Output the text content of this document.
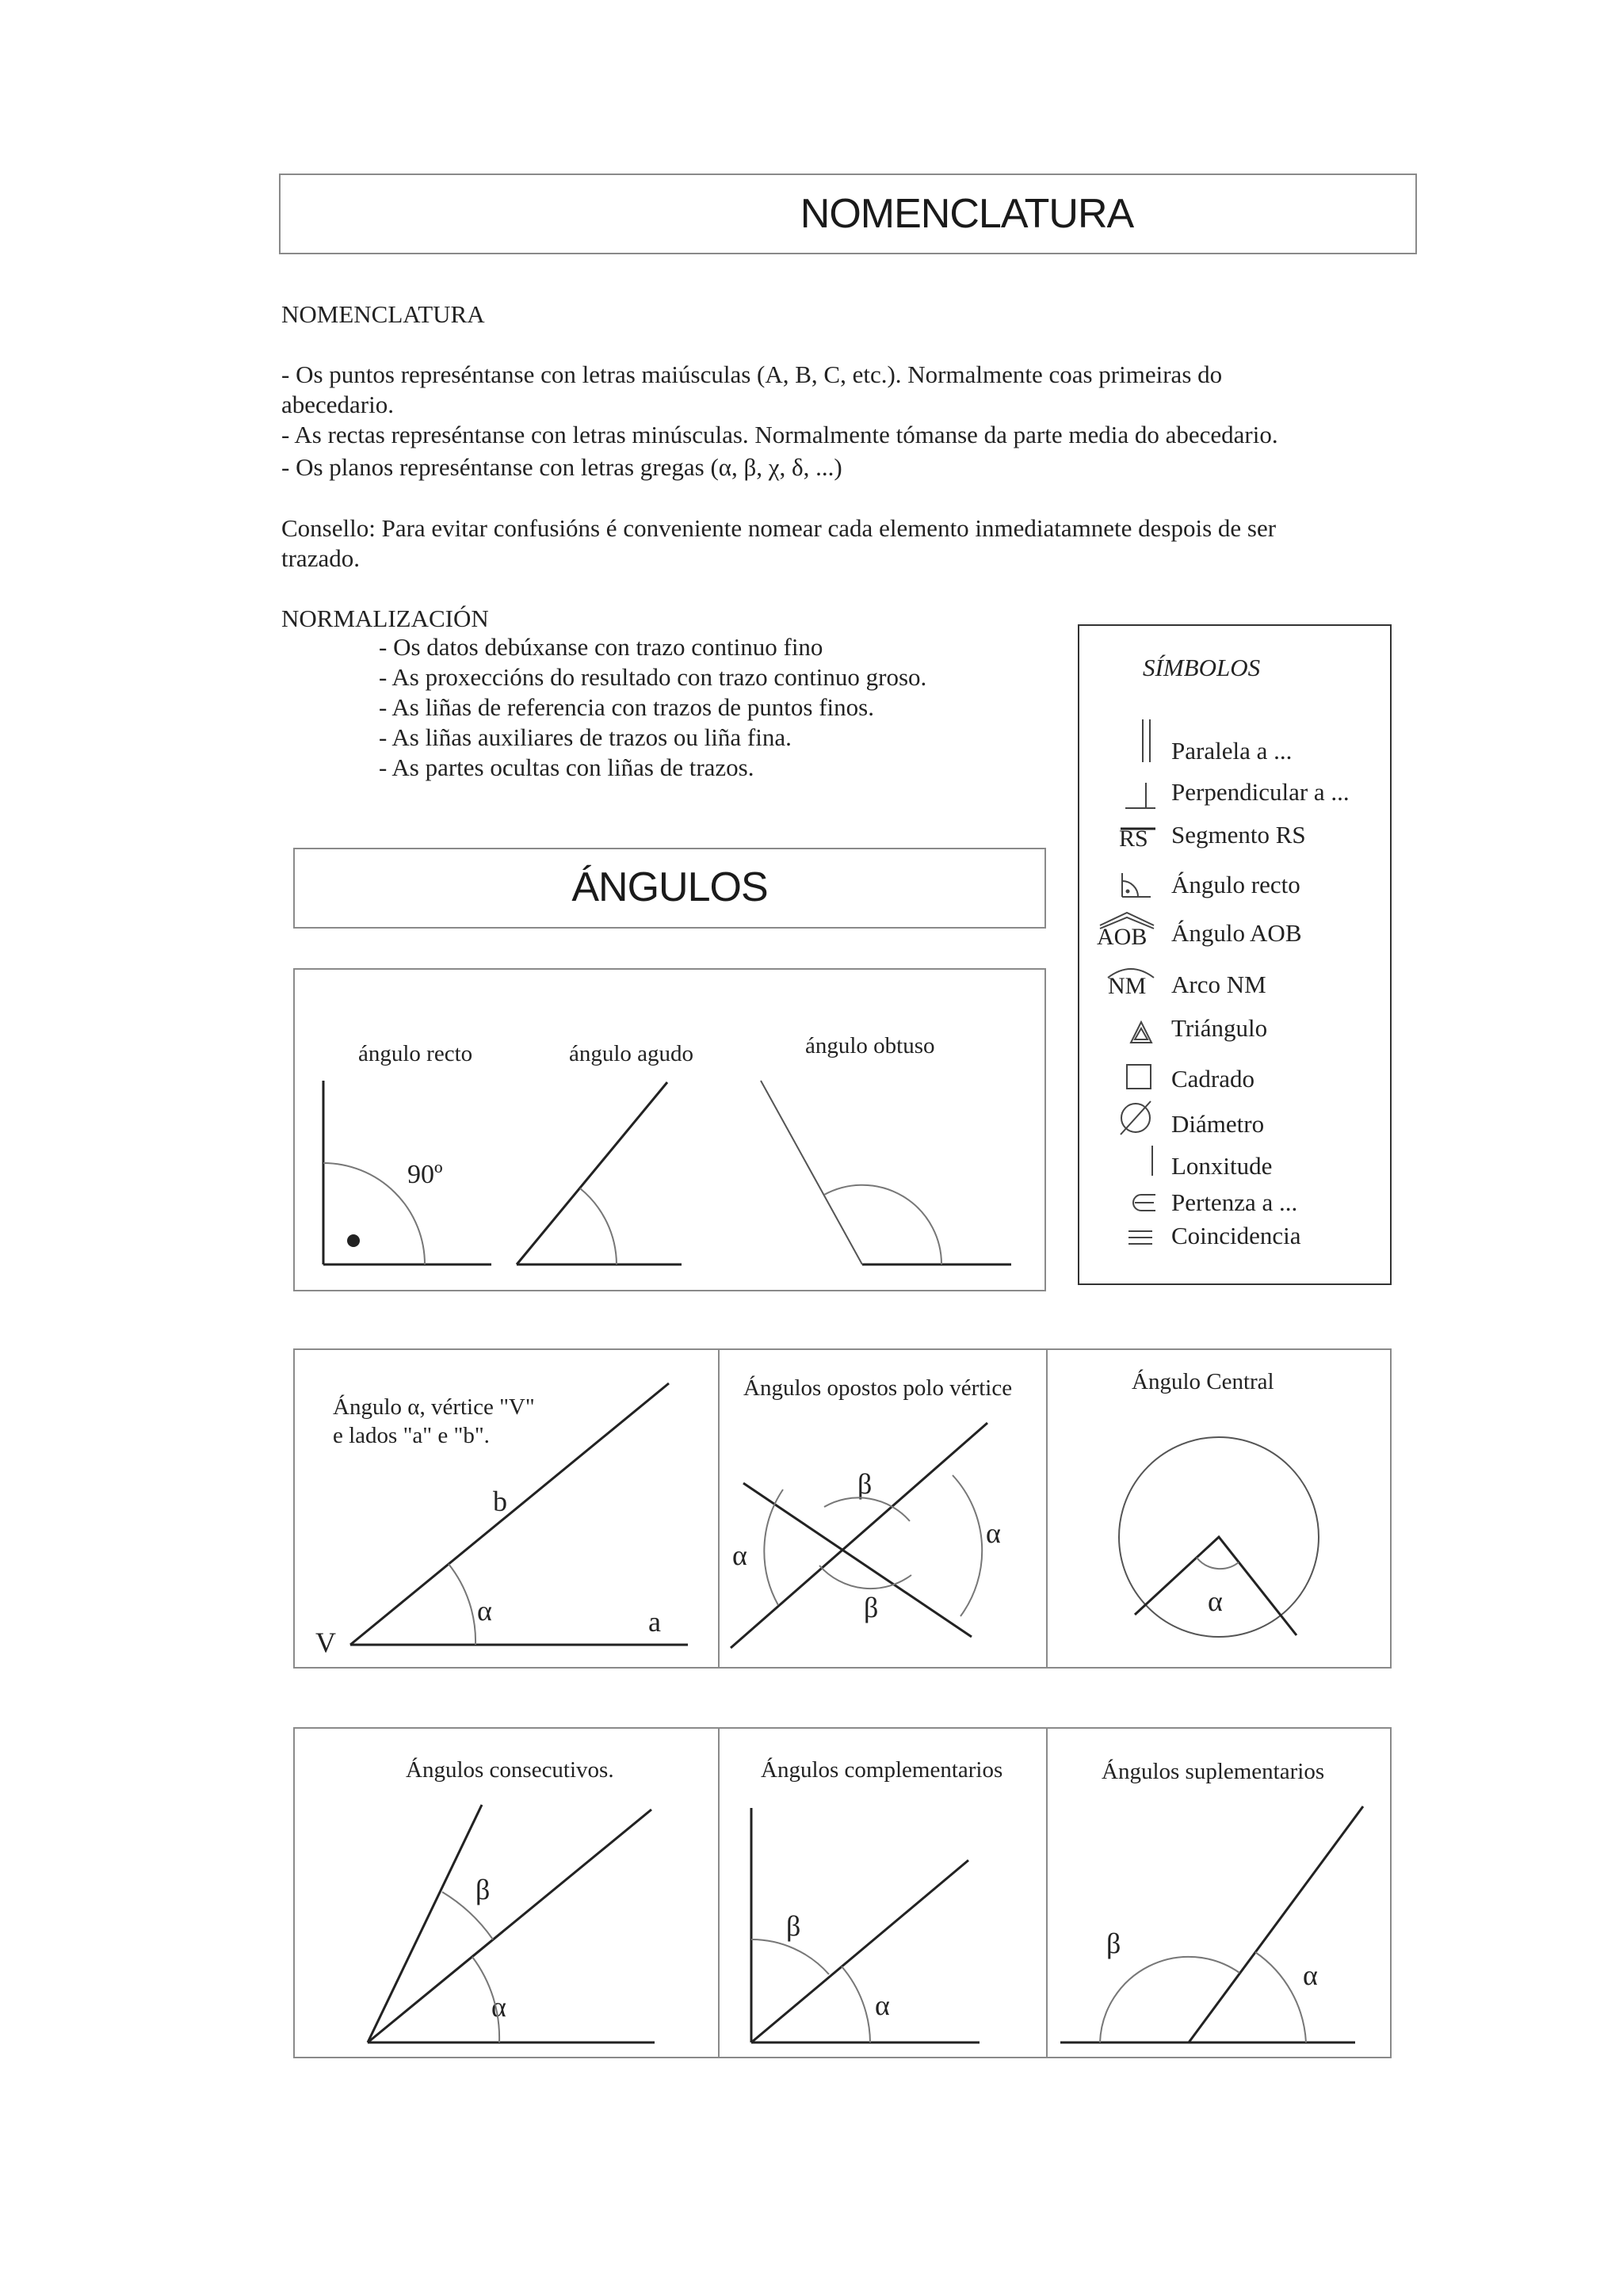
NOMENCLATURA
NOMENCLATURA
- Os puntos represéntanse con letras maiúsculas (A, B, C, etc.). Normalmente coas primeiras do
abecedario.
- As rectas represéntanse con letras minúsculas. Normalmente tómanse da parte media do abecedario.
- Os planos represéntanse con letras gregas (α, β, χ, δ, ...)
Consello: Para evitar confusións é conveniente nomear cada elemento inmediatamnete despois de ser
trazado.
NORMALIZACIÓN
- Os datos debúxanse con trazo continuo fino
- As proxeccións do resultado con trazo continuo groso.
- As liñas de referencia con trazos de puntos finos.
- As liñas auxiliares de trazos ou liña fina.
- As partes ocultas con liñas de trazos.
SÍMBOLOS
Paralela a ...
Perpendicular a ...
Segmento RS
Ángulo recto
Ángulo AOB
Arco NM
Triángulo
Cadrado
Diámetro
Lonxitude
Pertenza a ...
Coincidencia
RS
AOB
NM
ÁNGULOS
ángulo recto	ángulo agudo	ángulo obtuso
90º
Ángulo α, vértice "V"
e lados "a" e "b".
V
a
b
α
Ángulos opostos polo vértice
β
β
α
α
Ángulo Central
α
Ángulos consecutivos.
β
α
Ángulos complementarios
β
α
Ángulos suplementarios
β
α
